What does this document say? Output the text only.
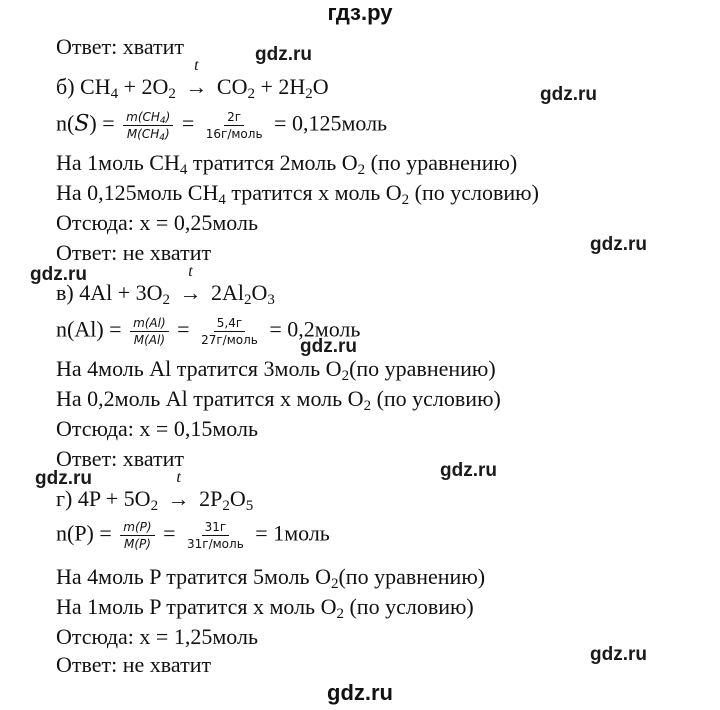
гдз.ру
Ответ: хватит
б) $CH_4 + 2O_2$ →
t
$CO_2 + 2H_2O$
$n(S) = \frac{m(CH_4)}{M(CH_4)} = \frac{2г}{\text{16г/моль}}$ = 0,125моль
На 1моль $CH_4$ тратится 2моль $O_2$ (по уравнению)
На 0,125моль $CH_4$ тратится х моль $O_2$ (по условию)
Отсюда: x = 0,25моль
Ответ: не хватит
в) $4Al + 3O_2$ →
t
$2Al_2O_3$
$n(Al) = \frac{m(Al)}{M(Al)} = \frac{5,4г}{\text{27г/моль}}$ = 0,2моль
На 4моль Al тратится 3моль $O_2(по$ уравнению)
На 0,2моль Al тратится х моль $O_2$ (по условию)
Отсюда: x = 0,15моль
Ответ: хватит
г) $4P + 5O_2$ →
t
$2P_2O_5$
$n(P) = \frac{m(P)}{M(P)} = \frac{31г}{\text{31г/моль}}$ = 1моль
На 4моль P тратится 5моль $O_2(по$ уравнению)
На 1моль P тратится х моль $O_2$ (по условию)
Отсюда: x = 1,25моль
Ответ: не хватит
gdz.ru
gdz.ru
gdz.ru
gdz.ru
gdz.ru
gdz.ru	gdz.ru
gdz.ru
gdz.ru
